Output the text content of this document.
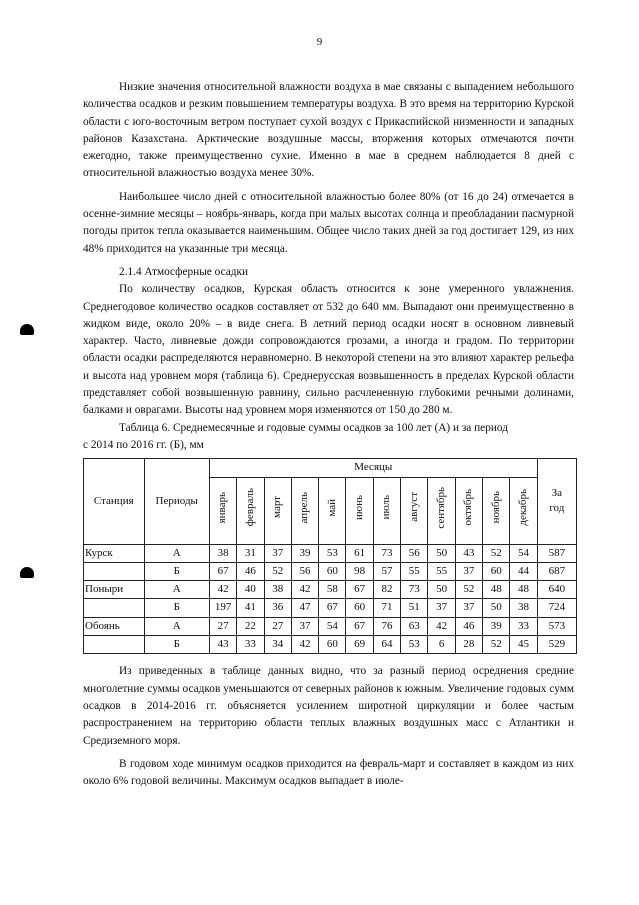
9

Низкие значения относительной влажности воздуха в мае связаны с выпадением небольшого количества осадков и резким повышением температуры воздуха. В это время на территорию Курской области с юго-восточным ветром поступает сухой воздух с Прикаспийской низменности и западных районов Казахстана. Арктические воздушные массы, вторжения которых отмечаются почти ежегодно, также преимущественно сухие. Именно в мае в среднем наблюдается 8 дней с относительной влажностью воздуха менее 30%.

Наибольшее число дней с относительной влажностью более 80% (от 16 до 24) отмечается в осенне-зимние месяцы – ноябрь-январь, когда при малых высотах солнца и преобладании пасмурной погоды приток тепла оказывается наименьшим. Общее число таких дней за год достигает 129, из них 48% приходится на указанные три месяца.

2.1.4 Атмосферные осадки

По количеству осадков, Курская область относится к зоне умеренного увлажнения. Среднегодовое количество осадков составляет от 532 до 640 мм. Выпадают они преимущественно в жидком виде, около 20% – в виде снега. В летний период осадки носят в основном ливневый характер. Часто, ливневые дожди сопровождаются грозами, а иногда и градом. По территории области осадки распределяются неравномерно. В некоторой степени на это влияют характер рельефа и высота над уровнем моря (таблица 6). Среднерусская возвышенность в пределах Курской области представляет собой возвышенную равнину, сильно расчлененную глубокими речными долинами, балками и оврагами. Высоты над уровнем моря изменяются от 150 до 280 м.

Таблица 6. Среднемесячные и годовые суммы осадков за 100 лет (А) и за период

с 2014 по 2016 гг. (Б), мм

Станция	Периоды	Месяцы												За год
		январь	февраль	март	апрель	май	июнь	июль	август	сентябрь	октябрь	ноябрь	декабрь	
Курск	А	38	31	37	39	53	61	73	56	50	43	52	54	587
	Б	67	46	52	56	60	98	57	55	55	37	60	44	687
Поныри	А	42	40	38	42	58	67	82	73	50	52	48	48	640
	Б	197	41	36	47	67	60	71	51	37	37	50	38	724
Обоянь	А	27	22	27	37	54	67	76	63	42	46	39	33	573
	Б	43	33	34	42	60	69	64	53	6	28	52	45	529

Из приведенных в таблице данных видно, что за разный период осреднения средние многолетние суммы осадков уменьшаются от северных районов к южным. Увеличение годовых сумм осадков в 2014-2016 гг. объясняется усилением широтной циркуляции и более частым распространением на территорию области теплых влажных воздушных масс с Атлантики и Средиземного моря.

В годовом ходе минимум осадков приходится на февраль-март и составляет в каждом из них около 6% годовой величины. Максимум осадков выпадает в июле-
